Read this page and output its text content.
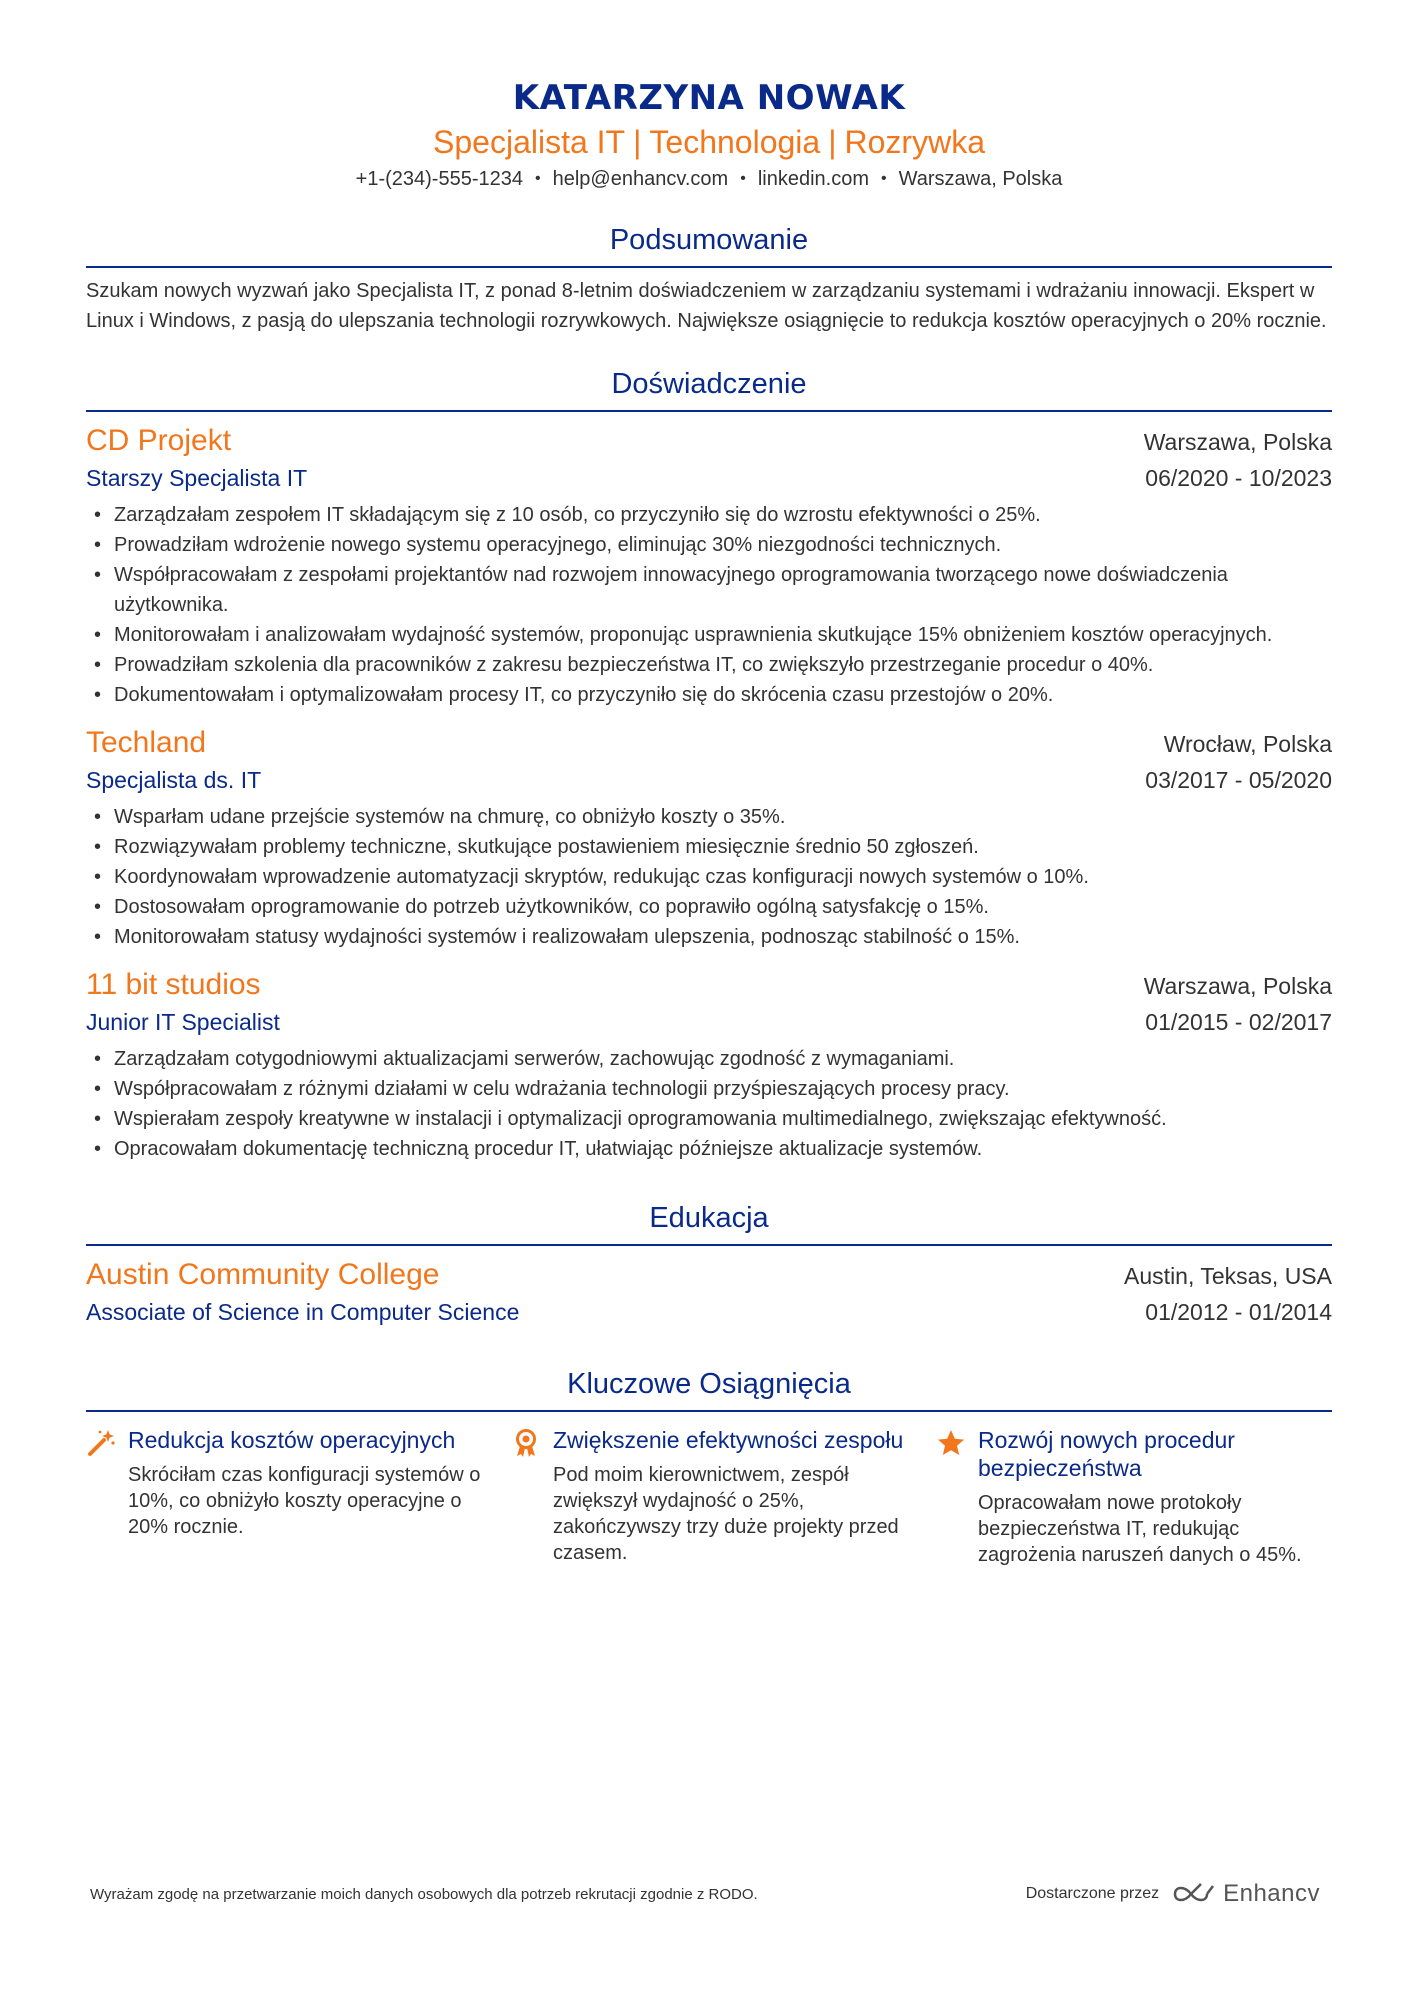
KATARZYNA NOWAK
Specjalista IT | Technologia | Rozrywka
+1-(234)-555-1234 • help@enhancv.com • linkedin.com • Warszawa, Polska
Podsumowanie
Szukam nowych wyzwań jako Specjalista IT, z ponad 8-letnim doświadczeniem w zarządzaniu systemami i wdrażaniu innowacji. Ekspert w Linux i Windows, z pasją do ulepszania technologii rozrywkowych. Największe osiągnięcie to redukcja kosztów operacyjnych o 20% rocznie.
Doświadczenie
CD Projekt	Warszawa, Polska
Starszy Specjalista IT	06/2020 - 10/2023
• Zarządzałam zespołem IT składającym się z 10 osób, co przyczyniło się do wzrostu efektywności o 25%.
• Prowadziłam wdrożenie nowego systemu operacyjnego, eliminując 30% niezgodności technicznych.
• Współpracowałam z zespołami projektantów nad rozwojem innowacyjnego oprogramowania tworzącego nowe doświadczenia użytkownika.
• Monitorowałam i analizowałam wydajność systemów, proponując usprawnienia skutkujące 15% obniżeniem kosztów operacyjnych.
• Prowadziłam szkolenia dla pracowników z zakresu bezpieczeństwa IT, co zwiększyło przestrzeganie procedur o 40%.
• Dokumentowałam i optymalizowałam procesy IT, co przyczyniło się do skrócenia czasu przestojów o 20%.
Techland	Wrocław, Polska
Specjalista ds. IT	03/2017 - 05/2020
• Wsparłam udane przejście systemów na chmurę, co obniżyło koszty o 35%.
• Rozwiązywałam problemy techniczne, skutkujące postawieniem miesięcznie średnio 50 zgłoszeń.
• Koordynowałam wprowadzenie automatyzacji skryptów, redukując czas konfiguracji nowych systemów o 10%.
• Dostosowałam oprogramowanie do potrzeb użytkowników, co poprawiło ogólną satysfakcję o 15%.
• Monitorowałam statusy wydajności systemów i realizowałam ulepszenia, podnosząc stabilność o 15%.
11 bit studios	Warszawa, Polska
Junior IT Specialist	01/2015 - 02/2017
• Zarządzałam cotygodniowymi aktualizacjami serwerów, zachowując zgodność z wymaganiami.
• Współpracowałam z różnymi działami w celu wdrażania technologii przyśpieszających procesy pracy.
• Wspierałam zespoły kreatywne w instalacji i optymalizacji oprogramowania multimedialnego, zwiększając efektywność.
• Opracowałam dokumentację techniczną procedur IT, ułatwiając późniejsze aktualizacje systemów.
Edukacja
Austin Community College	Austin, Teksas, USA
Associate of Science in Computer Science	01/2012 - 01/2014
Kluczowe Osiągnięcia
Redukcja kosztów operacyjnych
Skróciłam czas konfiguracji systemów o 10%, co obniżyło koszty operacyjne o 20% rocznie.
Zwiększenie efektywności zespołu
Pod moim kierownictwem, zespół zwiększył wydajność o 25%, zakończywszy trzy duże projekty przed czasem.
Rozwój nowych procedur bezpieczeństwa
Opracowałam nowe protokoły bezpieczeństwa IT, redukując zagrożenia naruszeń danych o 45%.
Wyrażam zgodę na przetwarzanie moich danych osobowych dla potrzeb rekrutacji zgodnie z RODO.	Dostarczone przez	Enhancv
